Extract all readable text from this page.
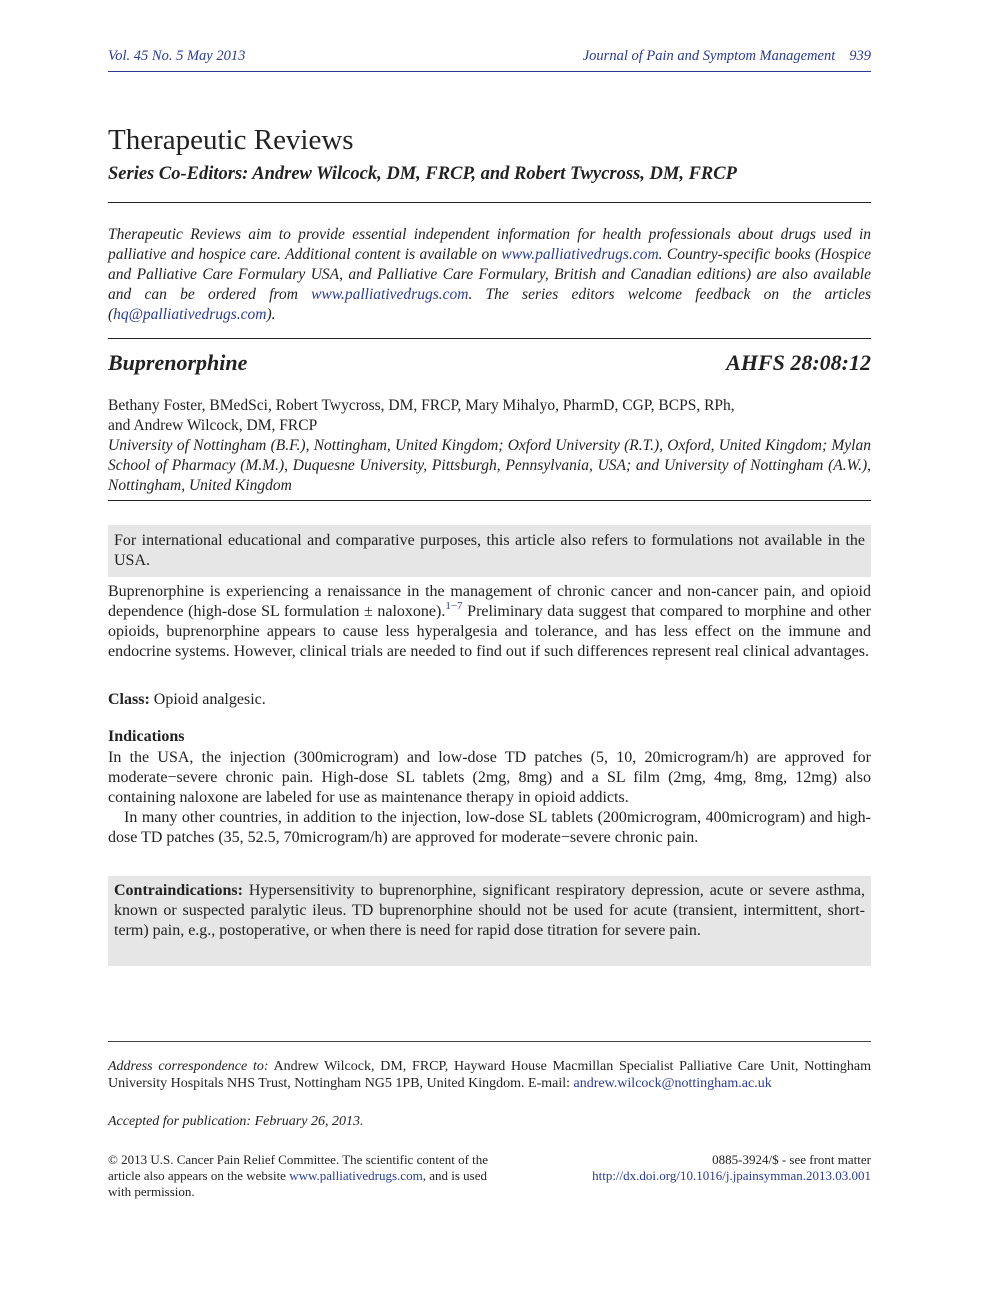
Vol. 45 No. 5 May 2013	Journal of Pain and Symptom Management 939
Therapeutic Reviews
Series Co-Editors: Andrew Wilcock, DM, FRCP, and Robert Twycross, DM, FRCP
Therapeutic Reviews aim to provide essential independent information for health professionals about drugs used in palliative and hospice care. Additional content is available on www.palliativedrugs.com. Country-specific books (Hospice and Palliative Care Formulary USA, and Palliative Care Formulary, British and Canadian editions) are also available and can be ordered from www.palliativedrugs.com. The series editors welcome feedback on the articles (hq@palliativedrugs.com).
Buprenorphine	AHFS 28:08:12
Bethany Foster, BMedSci, Robert Twycross, DM, FRCP, Mary Mihalyo, PharmD, CGP, BCPS, RPh,
and Andrew Wilcock, DM, FRCP
University of Nottingham (B.F.), Nottingham, United Kingdom; Oxford University (R.T.), Oxford, United Kingdom; Mylan School of Pharmacy (M.M.), Duquesne University, Pittsburgh, Pennsylvania, USA; and University of Nottingham (A.W.), Nottingham, United Kingdom
For international educational and comparative purposes, this article also refers to formulations not available in the USA.
Buprenorphine is experiencing a renaissance in the management of chronic cancer and non-cancer pain, and opioid dependence (high-dose SL formulation ± naloxone).$^{1-7}$ Preliminary data suggest that compared to morphine and other opioids, buprenorphine appears to cause less hyperalgesia and tolerance, and has less effect on the immune and endocrine systems. However, clinical trials are needed to find out if such differences represent real clinical advantages.
Class: Opioid analgesic.
Indications
In the USA, the injection (300microgram) and low-dose TD patches (5, 10, 20microgram/h) are approved for moderate−severe chronic pain. High-dose SL tablets (2mg, 8mg) and a SL film (2mg, 4mg, 8mg, 12mg) also containing naloxone are labeled for use as maintenance therapy in opioid addicts.
In many other countries, in addition to the injection, low-dose SL tablets (200microgram, 400microgram) and high-dose TD patches (35, 52.5, 70microgram/h) are approved for moderate−severe chronic pain.
Contraindications: Hypersensitivity to buprenorphine, significant respiratory depression, acute or severe asthma, known or suspected paralytic ileus. TD buprenorphine should not be used for acute (transient, intermittent, short-term) pain, e.g., postoperative, or when there is need for rapid dose titration for severe pain.
Address correspondence to: Andrew Wilcock, DM, FRCP, Hayward House Macmillan Specialist Palliative Care Unit, Nottingham University Hospitals NHS Trust, Nottingham NG5 1PB, United Kingdom. E-mail: andrew.wilcock@nottingham.ac.uk
Accepted for publication: February 26, 2013.
© 2013 U.S. Cancer Pain Relief Committee. The scientific content of the article also appears on the website www.palliativedrugs.com, and is used with permission.
0885-3924/$ - see front matter
http://dx.doi.org/10.1016/j.jpainsymman.2013.03.001
